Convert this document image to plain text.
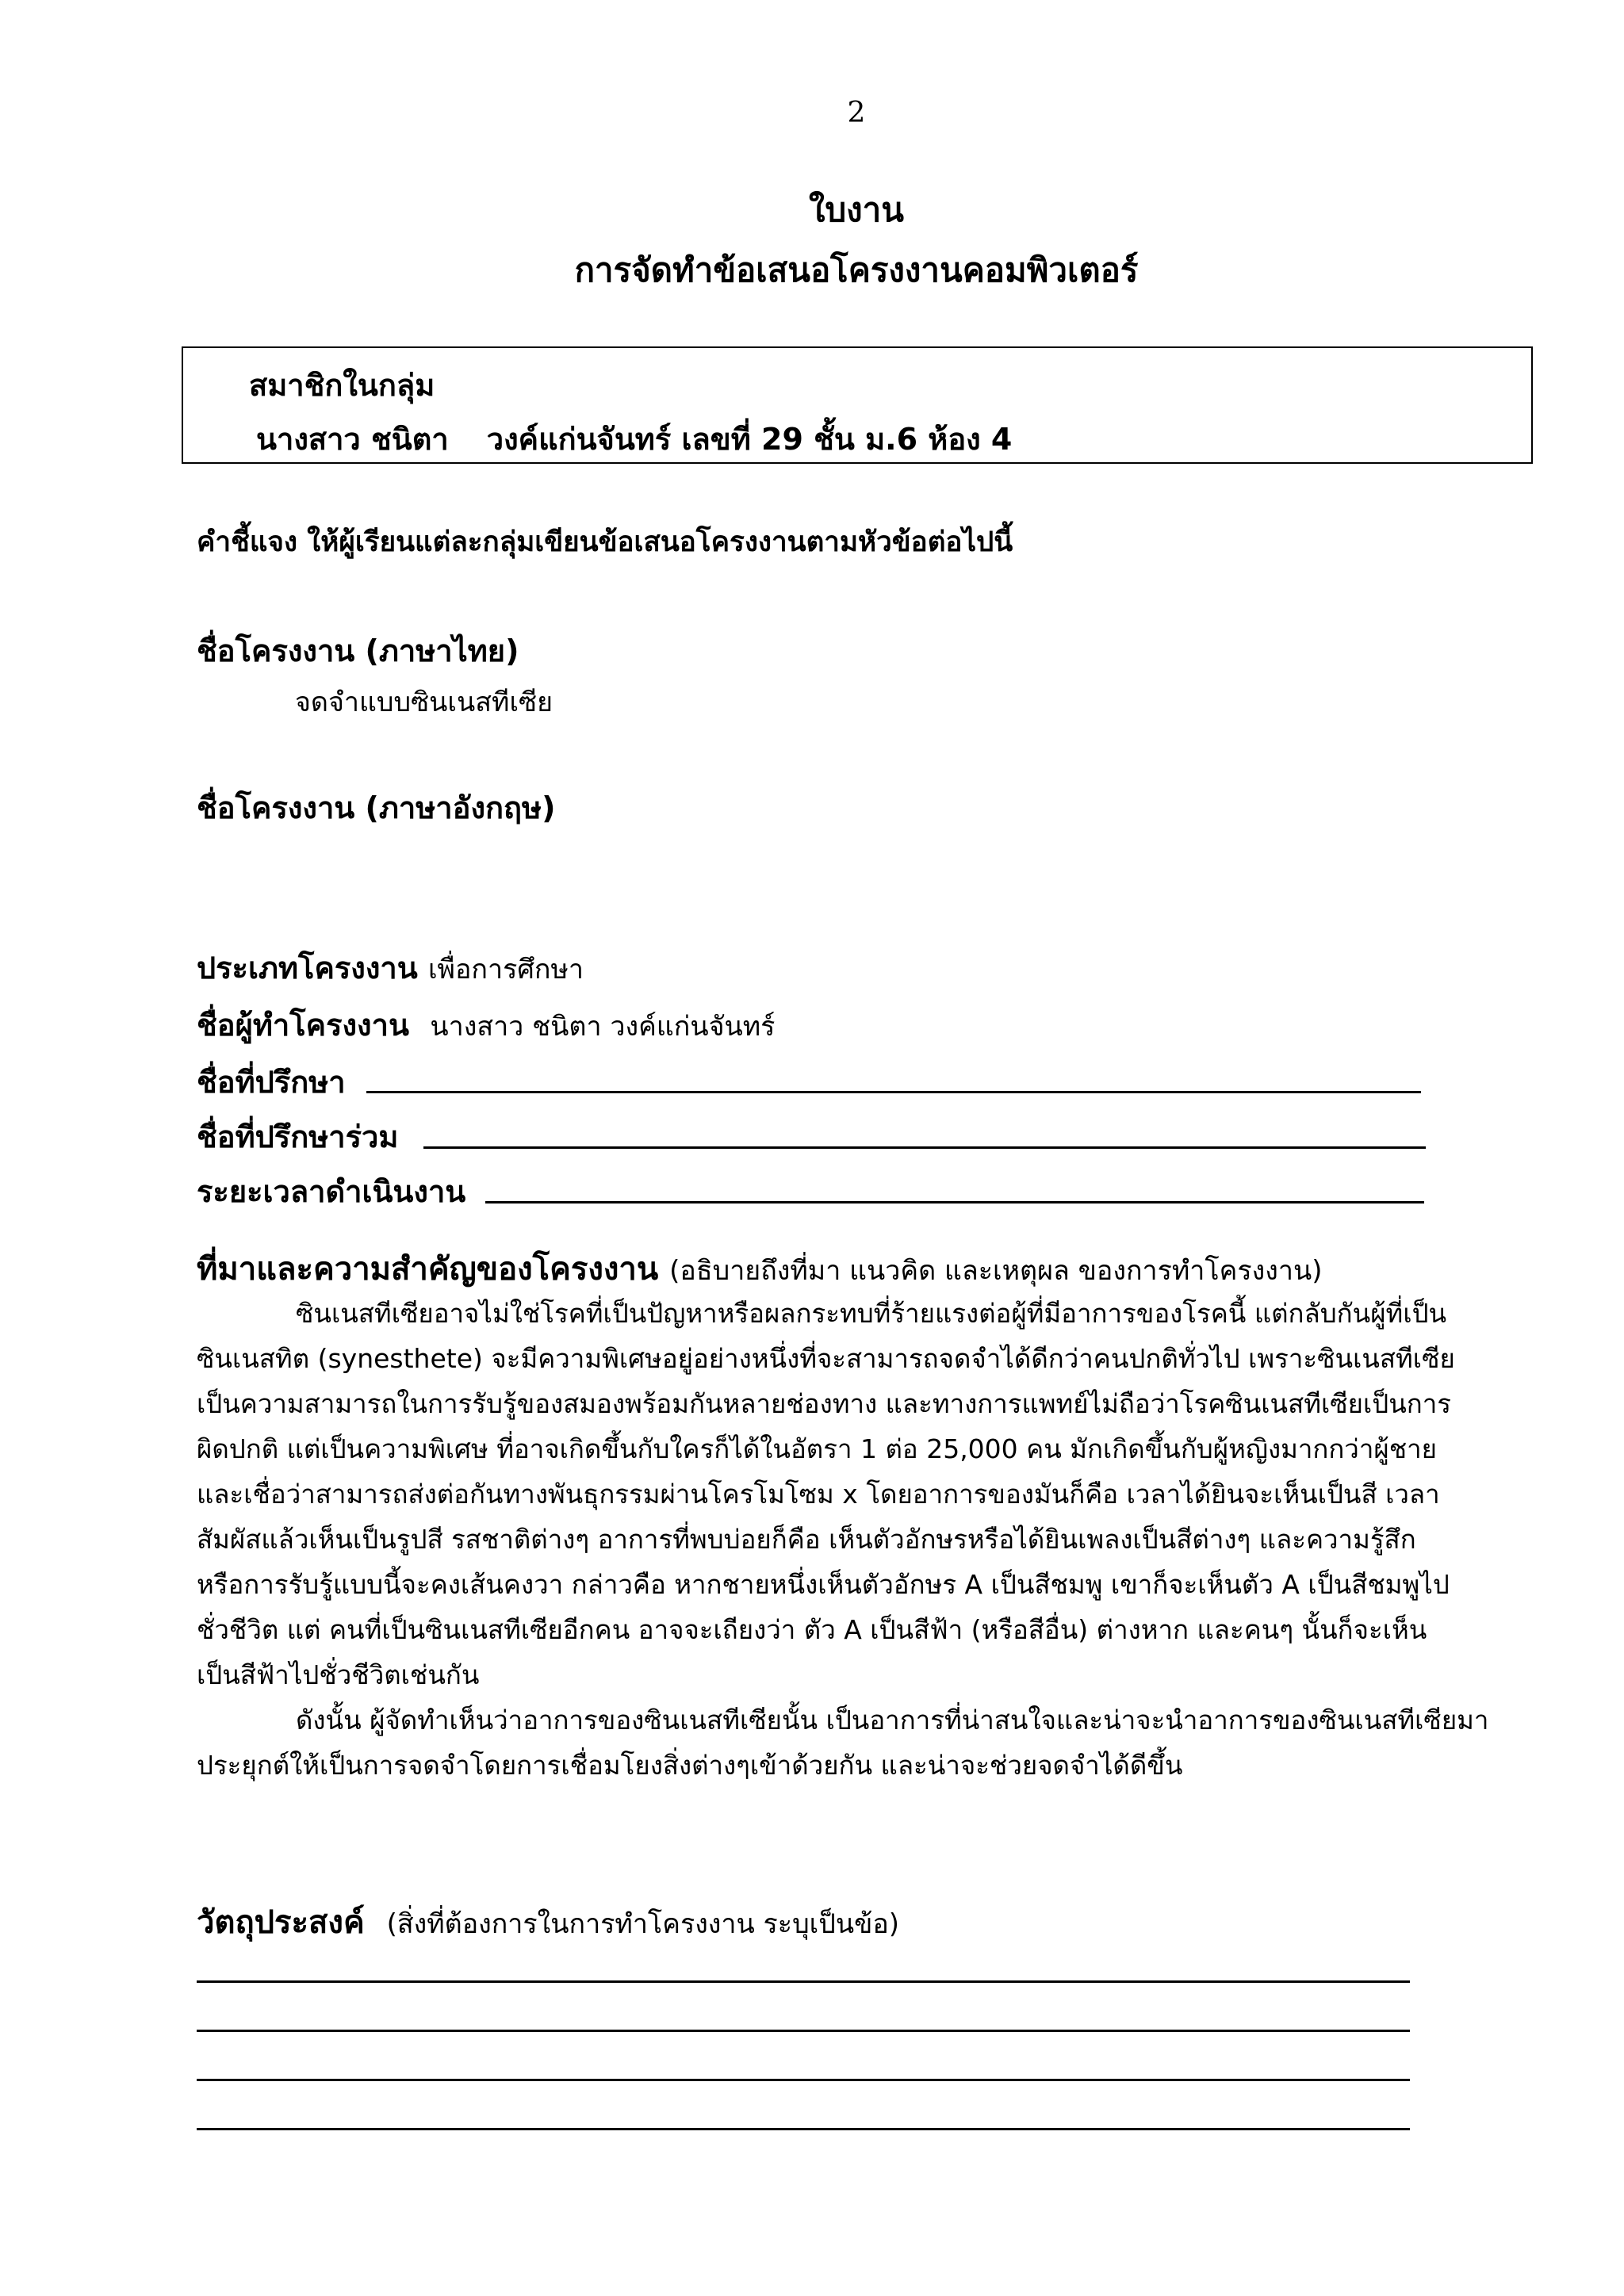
2
ใบงาน
การจัดทำข้อเสนอโครงงานคอมพิวเตอร์
สมาชิกในกลุ่ม
นางสาว ชนิตา วงค์แก่นจันทร์ เลขที่ 29 ชั้น ม.6 ห้อง 4
คำชี้แจง ให้ผู้เรียนแต่ละกลุ่มเขียนข้อเสนอโครงงานตามหัวข้อต่อไปนี้
ชื่อโครงงาน (ภาษาไทย)
จดจำแบบซินเนสทีเซีย
ชื่อโครงงาน (ภาษาอังกฤษ)
ประเภทโครงงาน เพื่อการศึกษา
ชื่อผู้ทำโครงงาน นางสาว ชนิตา วงค์แก่นจันทร์
ชื่อที่ปรึกษา
ชื่อที่ปรึกษาร่วม
ระยะเวลาดำเนินงาน
ที่มาและความสำคัญของโครงงาน (อธิบายถึงที่มา แนวคิด และเหตุผล ของการทำโครงงาน)
ซินเนสทีเซียอาจไม่ใช่โรคที่เป็นปัญหาหรือผลกระทบที่ร้ายแรงต่อผู้ที่มีอาการของโรคนี้ แต่กลับกันผู้ที่เป็น
ซินเนสทิต (synesthete) จะมีความพิเศษอยู่อย่างหนึ่งที่จะสามารถจดจำได้ดีกว่าคนปกติทั่วไป เพราะซินเนสทีเซีย
เป็นความสามารถในการรับรู้ของสมองพร้อมกันหลายช่องทาง และทางการแพทย์ไม่ถือว่าโรคซินเนสทีเซียเป็นการ
ผิดปกติ แต่เป็นความพิเศษ ที่อาจเกิดขึ้นกับใครก็ได้ในอัตรา 1 ต่อ 25,000 คน มักเกิดขึ้นกับผู้หญิงมากกว่าผู้ชาย
และเชื่อว่าสามารถส่งต่อกันทางพันธุกรรมผ่านโครโมโซม x โดยอาการของมันก็คือ เวลาได้ยินจะเห็นเป็นสี เวลา
สัมผัสแล้วเห็นเป็นรูปสี รสชาติต่างๆ อาการที่พบบ่อยก็คือ เห็นตัวอักษรหรือได้ยินเพลงเป็นสีต่างๆ และความรู้สึก
หรือการรับรู้แบบนี้จะคงเส้นคงวา กล่าวคือ หากชายหนึ่งเห็นตัวอักษร A เป็นสีชมพู เขาก็จะเห็นตัว A เป็นสีชมพูไป
ชั่วชีวิต แต่ คนที่เป็นซินเนสทีเซียอีกคน อาจจะเถียงว่า ตัว A เป็นสีฟ้า (หรือสีอื่น) ต่างหาก และคนๆ นั้นก็จะเห็น
เป็นสีฟ้าไปชั่วชีวิตเช่นกัน
ดังนั้น ผู้จัดทำเห็นว่าอาการของซินเนสทีเซียนั้น เป็นอาการที่น่าสนใจและน่าจะนำอาการของซินเนสทีเซียมา
ประยุกต์ให้เป็นการจดจำโดยการเชื่อมโยงสิ่งต่างๆเข้าด้วยกัน และน่าจะช่วยจดจำได้ดีขึ้น
วัตถุประสงค์ (สิ่งที่ต้องการในการทำโครงงาน ระบุเป็นข้อ)
